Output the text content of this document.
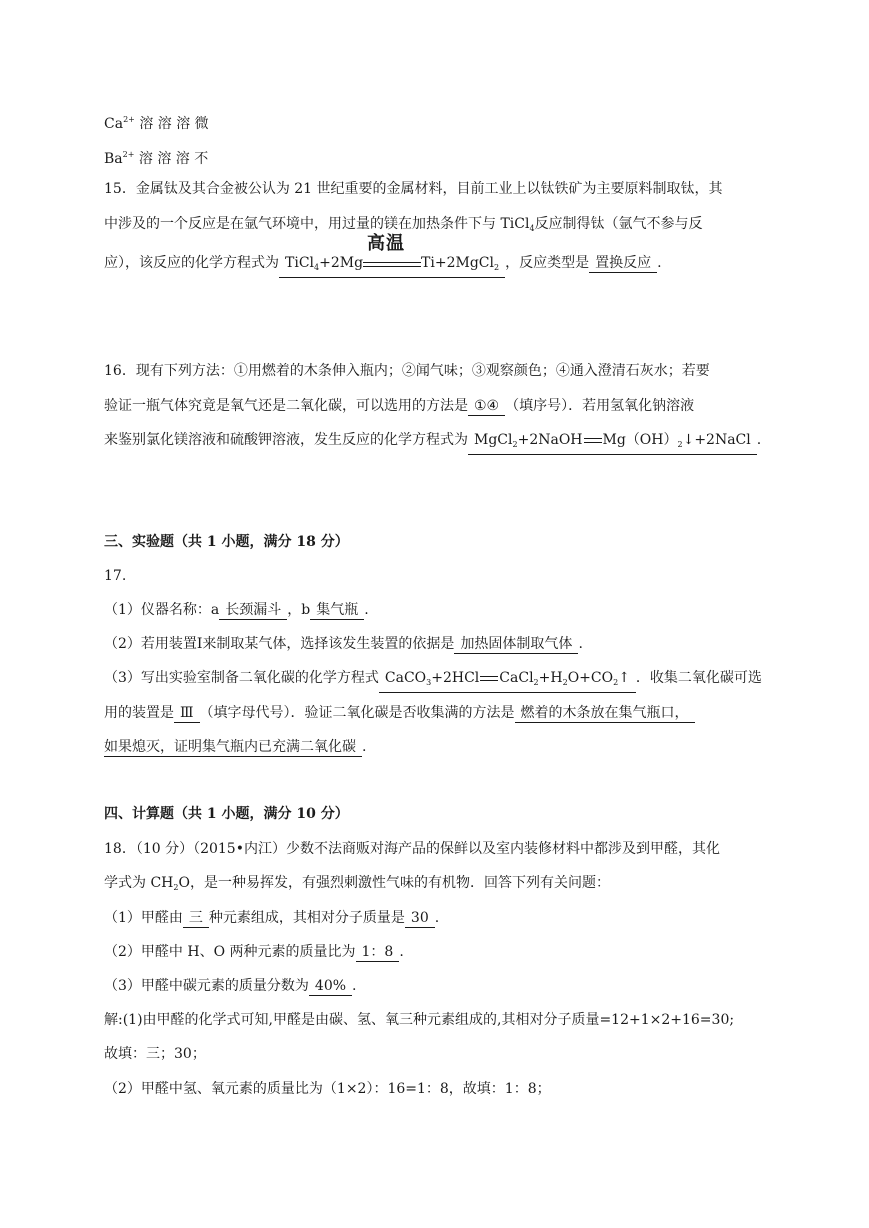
$Ca^{2+}$ 溶 溶 溶 微
$Ba^{2+}$ 溶 溶 溶 不
15．金属钛及其合金被公认为 21 世纪重要的金属材料，目前工业上以钛铁矿为主要原料制取钛，其
中涉及的一个反应是在氩气环境中，用过量的镁在加热条件下与 TiCl$_4$反应制得钛（氩气不参与反
应），该反应的化学方程式为 TiCl$_4$+2Mg
高温
Ti+2MgCl$_2$ ，反应类型是 置换反应 .
16．现有下列方法：①用燃着的木条伸入瓶内；②闻气味；③观察颜色；④通入澄清石灰水；若要
验证一瓶气体究竟是氧气还是二氧化碳，可以选用的方法是 ①④ （填序号）．若用氢氧化钠溶液
来鉴别氯化镁溶液和硫酸钾溶液，发生反应的化学方程式为 MgCl$_2$+2NaOH $Mg(OH)_2↓+2NaCl$ .
三、实验题（共 1 小题，满分 18 分）
17.
（1）仪器名称：a 长颈漏斗 ，b 集气瓶 .
（2）若用装置Ⅰ来制取某气体，选择该发生装置的依据是 加热固体制取气体 .
（3）写出实验室制备二氧化碳的化学方程式 CaCO$_3$+2HCl $CaCl_2+H_2O+CO_2↑$ ．收集二氧化碳可选
用的装置是 Ⅲ （填字母代号）．验证二氧化碳是否收集满的方法是 燃着的木条放在集气瓶口，
如果熄灭，证明集气瓶内已充满二氧化碳 .
四、计算题（共 1 小题，满分 10 分）
18．（10 分）（2015•内江）少数不法商贩对海产品的保鲜以及室内装修材料中都涉及到甲醛，其化
学式为 $CH_2O$，是一种易挥发，有强烈刺激性气味的有机物．回答下列有关问题：
（1）甲醛由 三 种元素组成，其相对分子质量是 30 .
（2）甲醛中 H、O 两种元素的质量比为 1：8 .
（3）甲醛中碳元素的质量分数为 40% .
解:(1)由甲醛的化学式可知,甲醛是由碳、氢、氧三种元素组成的,其相对分子质量=12+1×2+16=30;
故填：三；30；
（2）甲醛中氢、氧元素的质量比为（1×2）：16=1：8，故填：1：8；
